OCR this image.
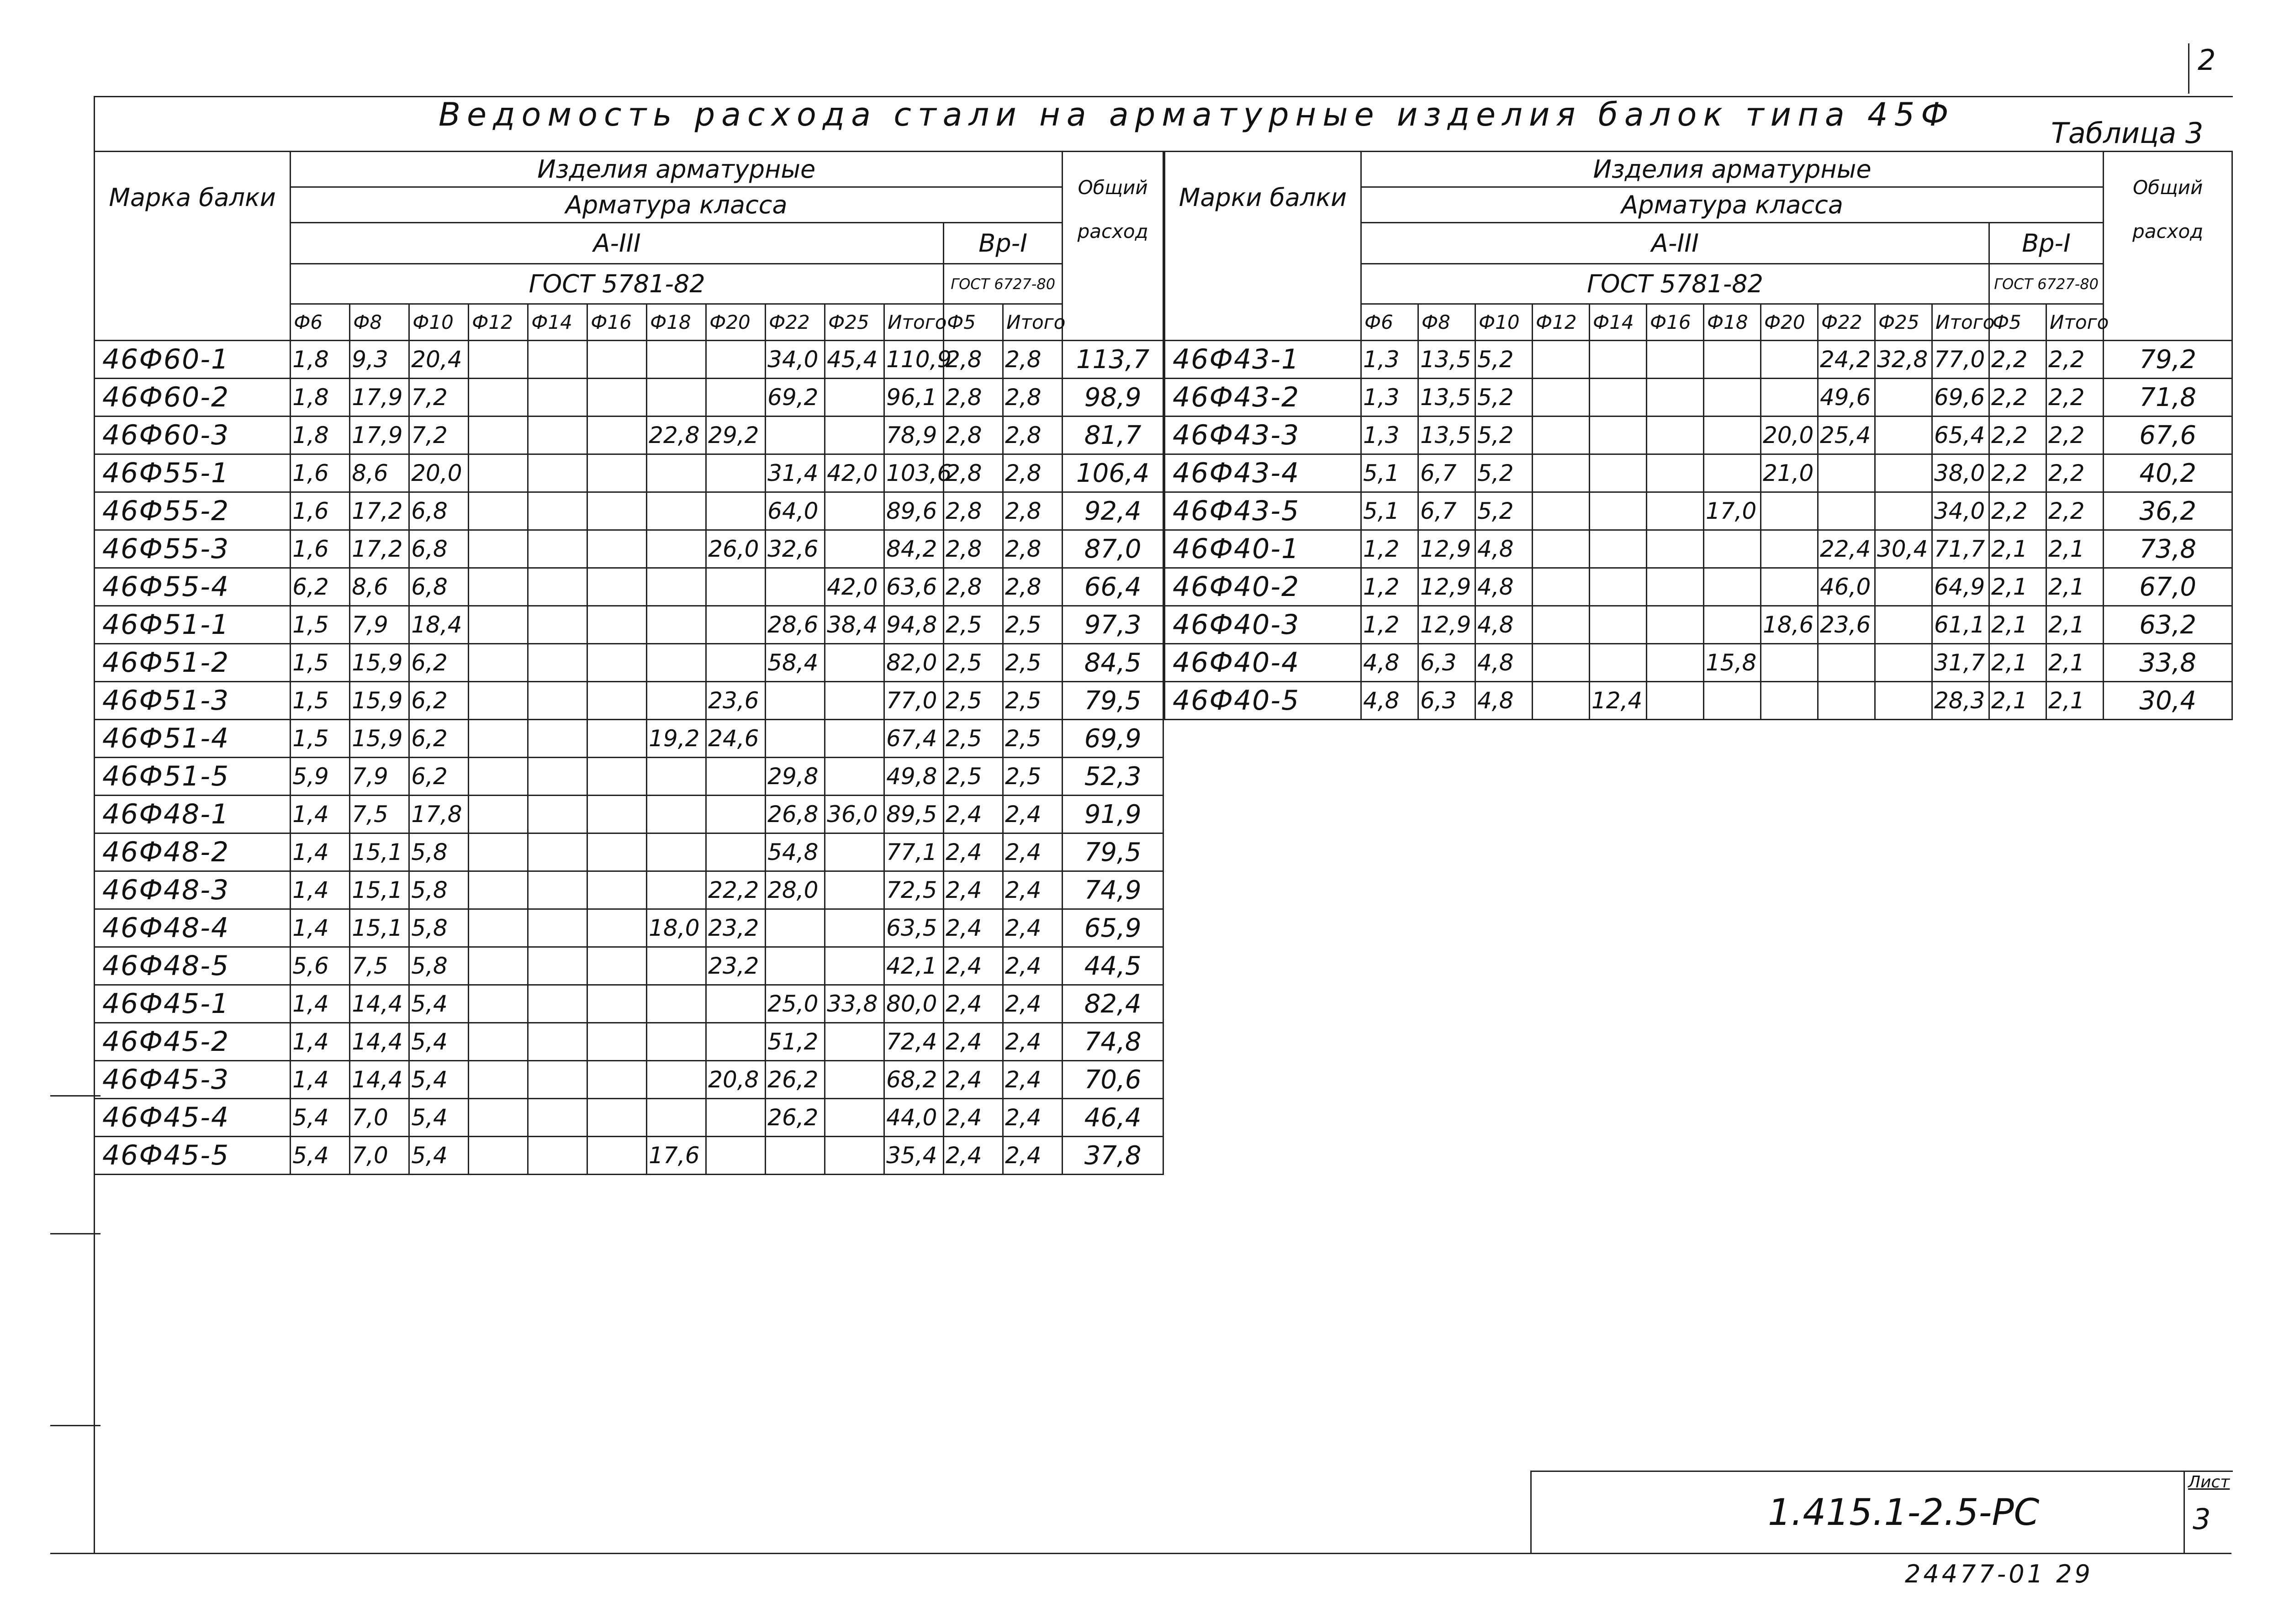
2
Ведомость расхода стали на арматурные изделия балок типа 45Ф	Таблица 3
Марка балки	Изделия арматурные													Общий расход
	Арматура класса													
	А-III											Вр-I		
	ГОСТ 5781-82											ГОСТ 6727-80		
	Ф6	Ф8	Ф10	Ф12	Ф14	Ф16	Ф18	Ф20	Ф22	Ф25	Итого	Ф5	Итого	
46Ф60-1	1,8	9,3	20,4						34,0	45,4	110,9	2,8	2,8	113,7
46Ф60-2	1,8	17,9	7,2						69,2		96,1	2,8	2,8	98,9
46Ф60-3	1,8	17,9	7,2				22,8	29,2			78,9	2,8	2,8	81,7
46Ф55-1	1,6	8,6	20,0						31,4	42,0	103,6	2,8	2,8	106,4
46Ф55-2	1,6	17,2	6,8						64,0		89,6	2,8	2,8	92,4
46Ф55-3	1,6	17,2	6,8					26,0	32,6		84,2	2,8	2,8	87,0
46Ф55-4	6,2	8,6	6,8							42,0	63,6	2,8	2,8	66,4
46Ф51-1	1,5	7,9	18,4						28,6	38,4	94,8	2,5	2,5	97,3
46Ф51-2	1,5	15,9	6,2						58,4		82,0	2,5	2,5	84,5
46Ф51-3	1,5	15,9	6,2					23,6			77,0	2,5	2,5	79,5
46Ф51-4	1,5	15,9	6,2				19,2	24,6			67,4	2,5	2,5	69,9
46Ф51-5	5,9	7,9	6,2						29,8		49,8	2,5	2,5	52,3
46Ф48-1	1,4	7,5	17,8						26,8	36,0	89,5	2,4	2,4	91,9
46Ф48-2	1,4	15,1	5,8						54,8		77,1	2,4	2,4	79,5
46Ф48-3	1,4	15,1	5,8					22,2	28,0		72,5	2,4	2,4	74,9
46Ф48-4	1,4	15,1	5,8				18,0	23,2			63,5	2,4	2,4	65,9
46Ф48-5	5,6	7,5	5,8					23,2			42,1	2,4	2,4	44,5
46Ф45-1	1,4	14,4	5,4						25,0	33,8	80,0	2,4	2,4	82,4
46Ф45-2	1,4	14,4	5,4						51,2		72,4	2,4	2,4	74,8
46Ф45-3	1,4	14,4	5,4					20,8	26,2		68,2	2,4	2,4	70,6
46Ф45-4	5,4	7,0	5,4						26,2		44,0	2,4	2,4	46,4
46Ф45-5	5,4	7,0	5,4				17,6				35,4	2,4	2,4	37,8
Марки балки	Изделия арматурные													Общий расход
	Арматура класса													
	А-III											Вр-I		
	ГОСТ 5781-82											ГОСТ 6727-80		
	Ф6	Ф8	Ф10	Ф12	Ф14	Ф16	Ф18	Ф20	Ф22	Ф25	Итого	Ф5	Итого	
46Ф43-1	1,3	13,5	5,2						24,2	32,8	77,0	2,2	2,2	79,2
46Ф43-2	1,3	13,5	5,2						49,6		69,6	2,2	2,2	71,8
46Ф43-3	1,3	13,5	5,2					20,0	25,4		65,4	2,2	2,2	67,6
46Ф43-4	5,1	6,7	5,2					21,0			38,0	2,2	2,2	40,2
46Ф43-5	5,1	6,7	5,2				17,0				34,0	2,2	2,2	36,2
46Ф40-1	1,2	12,9	4,8						22,4	30,4	71,7	2,1	2,1	73,8
46Ф40-2	1,2	12,9	4,8						46,0		64,9	2,1	2,1	67,0
46Ф40-3	1,2	12,9	4,8					18,6	23,6		61,1	2,1	2,1	63,2
46Ф40-4	4,8	6,3	4,8				15,8				31,7	2,1	2,1	33,8
46Ф40-5	4,8	6,3	4,8		12,4						28,3	2,1	2,1	30,4
1.415.1-2.5-РС
Лист
3
24477-01 29
